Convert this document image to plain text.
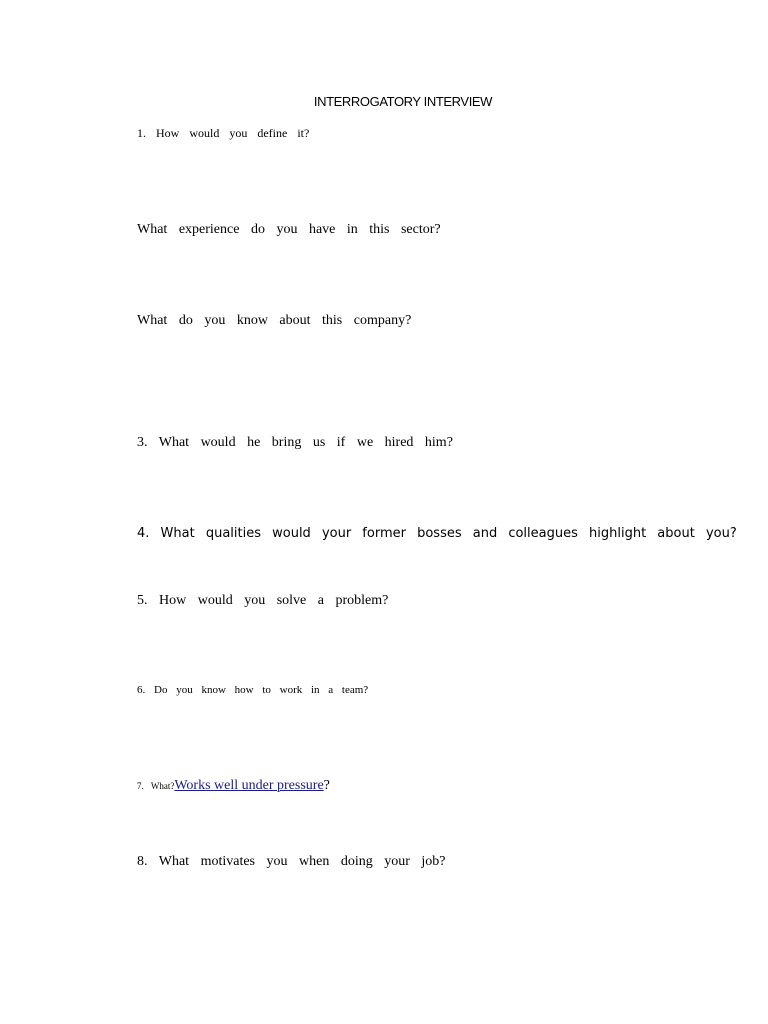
INTERROGATORY INTERVIEW
1. How would you define it?
What experience do you have in this sector?
What do you know about this company?
3. What would he bring us if we hired him?
4. What qualities would your former bosses and colleagues highlight about you?
5. How would you solve a problem?
6. Do you know how to work in a team?
7. What?Works well under pressure?
8. What motivates you when doing your job?
